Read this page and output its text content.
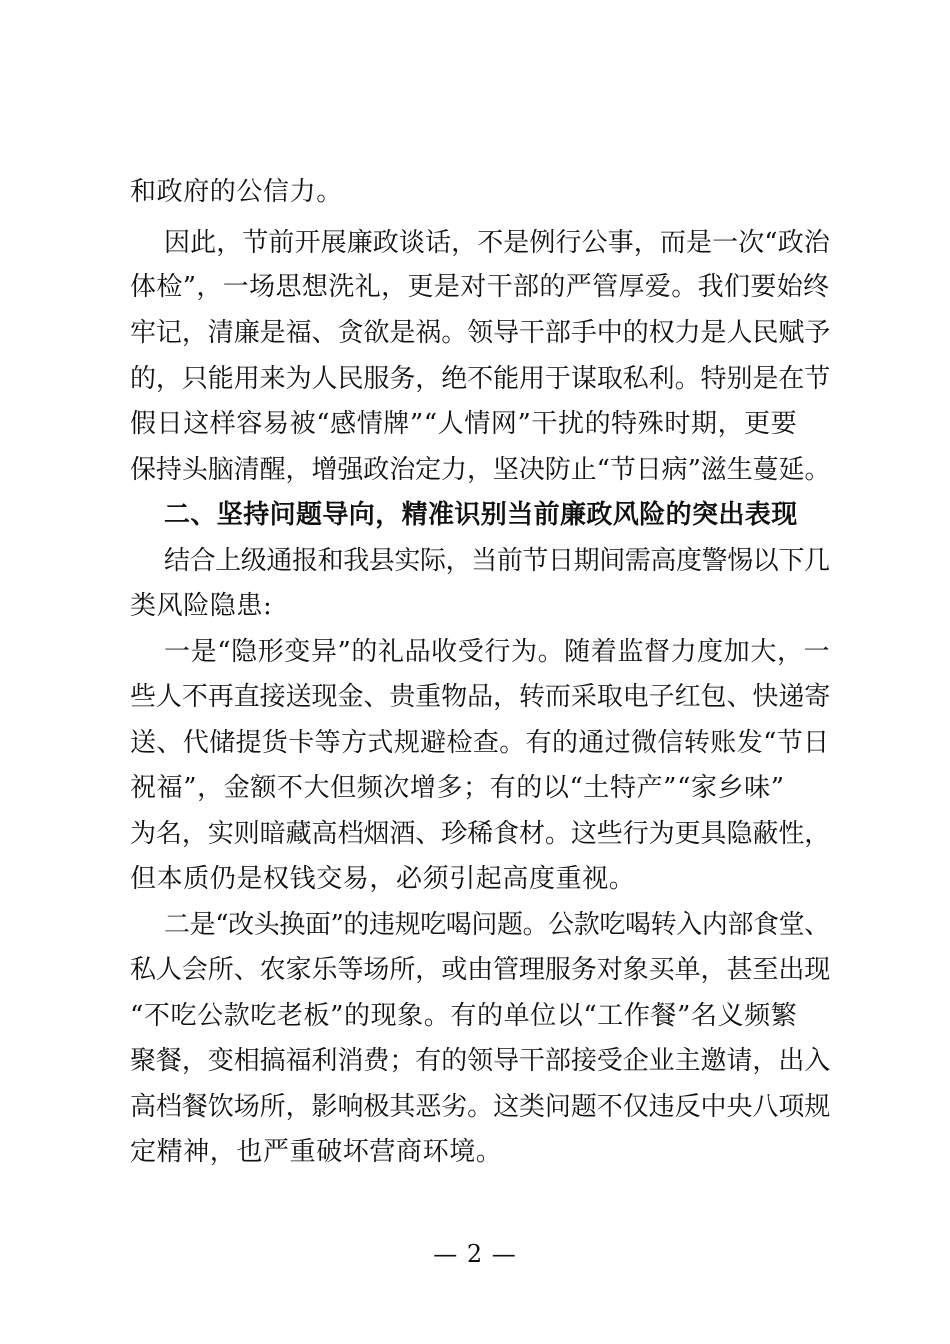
和政府的公信力。
因此，节前开展廉政谈话，不是例行公事，而是一次“政治
体检”，一场思想洗礼，更是对干部的严管厚爱。我们要始终
牢记，清廉是福、贪欲是祸。领导干部手中的权力是人民赋予
的，只能用来为人民服务，绝不能用于谋取私利。特别是在节
假日这样容易被“感情牌”“人情网”干扰的特殊时期，更要
保持头脑清醒，增强政治定力，坚决防止“节日病”滋生蔓延。
二、坚持问题导向，精准识别当前廉政风险的突出表现
结合上级通报和我县实际，当前节日期间需高度警惕以下几
类风险隐患:
一是“隐形变异”的礼品收受行为。随着监督力度加大，一
些人不再直接送现金、贵重物品，转而采取电子红包、快递寄
送、代储提货卡等方式规避检查。有的通过微信转账发“节日
祝福”，金额不大但频次增多；有的以“土特产”“家乡味”
为名，实则暗藏高档烟酒、珍稀食材。这些行为更具隐蔽性，
但本质仍是权钱交易，必须引起高度重视。
二是“改头换面”的违规吃喝问题。公款吃喝转入内部食堂、
私人会所、农家乐等场所，或由管理服务对象买单，甚至出现
“不吃公款吃老板”的现象。有的单位以“工作餐”名义频繁
聚餐，变相搞福利消费；有的领导干部接受企业主邀请，出入
高档餐饮场所，影响极其恶劣。这类问题不仅违反中央八项规
定精神，也严重破坏营商环境。
— 2 —
